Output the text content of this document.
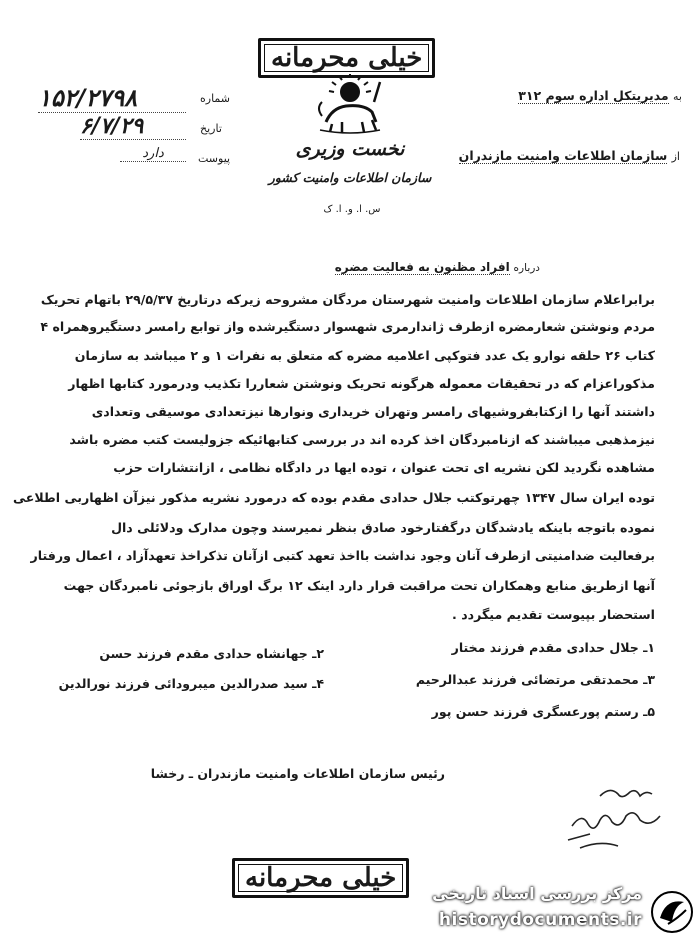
خیلی محرمانه
نخست وزیری
سازمان اطلاعات وامنیت کشور
س. ا. و. ا. ک
شماره
۱۵۲/۲۷۹۸
تاریخ
۶/۷/۲۹
پیوست
دارد
به مدیریتکل اداره سوم ۳۱۲
از سازمان اطلاعات وامنیت مازندران
درباره افراد مظنون به فعالیت مضره
برابراعلام سازمان اطلاعات وامنیت شهرستان مردگان مشروحه زیرکه درتاریخ ۲۹/۵/۳۷ باتهام تحریک
مردم ونوشتن شعارمضره ازطرف ژاندارمری شهسوار دستگیرشده واز توابع رامسر دستگیروهمراه ۴
کتاب ۲۶ حلقه نوارو یک عدد فتوکپی اعلامیه مضره که متعلق به نفرات ۱ و ۲ میباشد به سازمان
مذکوراعزام که در تحقیقات معموله هرگونه تحریک ونوشتن شعاررا تکذیب ودرمورد کتابها اظهار
داشتند آنها را ازکتابفروشیهای رامسر وتهران خریداری ونوارها نیزتعدادی موسیقی وتعدادی
نیزمذهبی میباشند که ازنامبردگان اخذ کرده اند در بررسی کتابهائیکه جزولیست کتب مضره باشد
مشاهده نگردید لکن نشریه ای تحت عنوان ، توده ایها در دادگاه نظامی ، ازانتشارات حزب
توده ایران سال ۱۳۴۷ چهرتوکتب جلال حدادی مقدم بوده که درمورد نشریه مذکور نیزآن اظهاربی اطلاعی
نموده باتوجه باینکه یادشدگان درگفتارخود صادق بنظر نمیرسند وچون مدارک ودلائلی دال
برفعالیت ضدامنیتی ازطرف آنان وجود نداشت بااخذ تعهد کتبی ازآنان تذکراخذ تعهدآزاد ، اعمال ورفتار
آنها ازطریق منابع وهمکاران تحت مراقبت قرار دارد اینک ۱۲ برگ اوراق بازجوئی نامبردگان جهت
استحضار بپیوست تقدیم میگردد .
۱ـ جلال حدادی مقدم فرزند مختار
۲ـ جهانشاه حدادی مقدم فرزند حسن
۳ـ محمدتقی مرتضائی فرزند عبدالرحیم
۴ـ سید صدرالدین میبرودائی فرزند نورالدین
۵ـ رستم پورعسگری فرزند حسن پور
رئیس سازمان اطلاعات وامنیت مازندران ـ رخشا
خیلی محرمانه
مرکز بررسی اسناد تاریخی
historydocuments.ir
